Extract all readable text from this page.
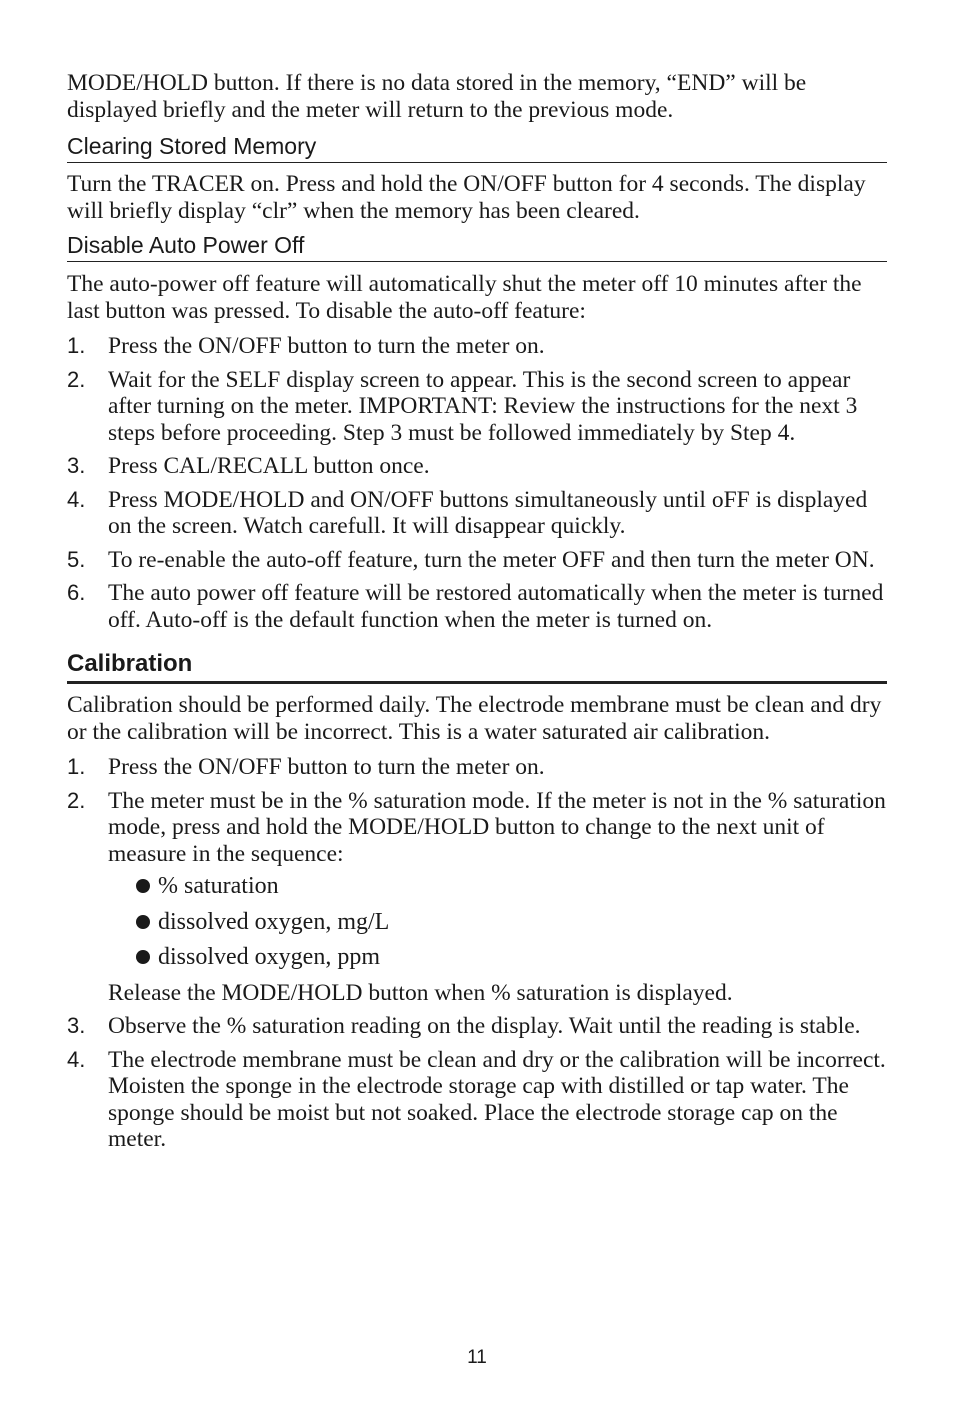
MODE/HOLD button. If there is no data stored in the memory, “END” will be displayed briefly and the meter will return to the previous mode.

Clearing Stored Memory

Turn the TRACER on. Press and hold the ON/OFF button for 4 seconds. The display will briefly display “clr” when the memory has been cleared.

Disable Auto Power Off

The auto-power off feature will automatically shut the meter off 10 minutes after the last button was pressed. To disable the auto-off feature:

1. Press the ON/OFF button to turn the meter on.

2. Wait for the SELF display screen to appear. This is the second screen to appear after turning on the meter. IMPORTANT: Review the instructions for the next 3 steps before proceeding. Step 3 must be followed immediately by Step 4.

3. Press CAL/RECALL button once.

4. Press MODE/HOLD and ON/OFF buttons simultaneously until oFF is displayed on the screen. Watch carefull. It will disappear quickly.

5. To re-enable the auto-off feature, turn the meter OFF and then turn the meter ON.

6. The auto power off feature will be restored automatically when the meter is turned off. Auto-off is the default function when the meter is turned on.

Calibration

Calibration should be performed daily. The electrode membrane must be clean and dry or the calibration will be incorrect. This is a water saturated air calibration.

1. Press the ON/OFF button to turn the meter on.

2. The meter must be in the % saturation mode. If the meter is not in the % saturation mode, press and hold the MODE/HOLD button to change to the next unit of measure in the sequence:

% saturation

dissolved oxygen, mg/L

dissolved oxygen, ppm

Release the MODE/HOLD button when % saturation is displayed.

3. Observe the % saturation reading on the display. Wait until the reading is stable.

4. The electrode membrane must be clean and dry or the calibration will be incorrect. Moisten the sponge in the electrode storage cap with distilled or tap water. The sponge should be moist but not soaked. Place the electrode storage cap on the meter.

11
